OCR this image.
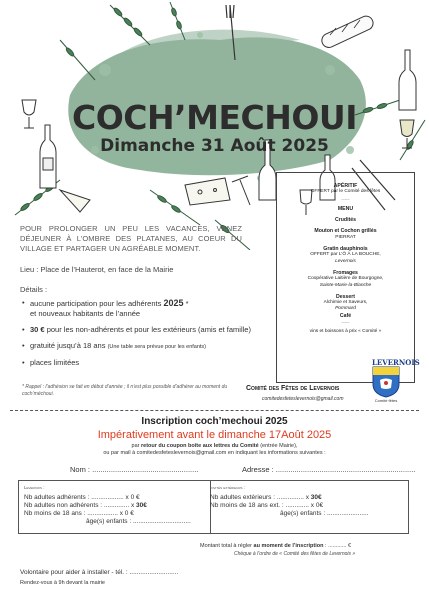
COCH’MECHOUI
Dimanche 31 Août 2025
POUR PROLONGER UN PEU LES VACANCES, VENEZ DÉJEUNER À L’OMBRE DES PLATANES, AU COEUR DU VILLAGE ET PARTAGER UN AGRÉABLE MOMENT.
Lieu : Place de l’Hauterot, en face de la Mairie
Détails :
• aucune participation pour les adhérents 2025 *
et nouveaux habitants de l’année
• 30 € pour les non-adhérents et pour les extérieurs (amis et famille)
• gratuité jusqu’à 18 ans (Une table sera prévue pour les enfants)
• places limitées
* Rappel : l’adhésion se fait en début d’année ; il n’est plus possible d’adhérer au moment du coch’méchoui.
APÉRITIF
OFFERT par le Comité des fêtes
-----
MENU
Crudités
Mouton et Cochon grillés
PIERRAT
Gratin dauphinois
OFFERT par L’Ô À LA BOUCHE,
Levernois
Fromages
Coopérative Laitière de Bourgogne,
Sainte-Marie-la-Blanche
Dessert
Alchimie et Saveurs,
Pommard
Café
-----
vins et boissons à prix « Comité »
Comité des Fêtes de Levernois
comitedesfeteslevernois@gmail.com
LEVERNOIS
Comité fêtes
Inscription coch’mechoui 2025
Impérativement avant le dimanche 17Août 2025
par retour du coupon boîte aux lettres du Comité (entrée Mairie),
ou par mail à comitedesfeteslevernois@gmail.com en indiquant les informations suivantes :
Nom : ...................................................	Adresse : ...................................................................
Levernois :
Nb adultes adhérents : .................. x 0 €
Nb adultes non adhérents : .............. x 30€
Nb moins de 18 ans : ................. x 0 €
âge(s) enfants : ................................
Invités extérieurs :
Nb adultes extérieurs : ............... x 30€
Nb moins de 18 ans ext. : ............. x 0€
âge(s) enfants : .......................
Montant total à régler au moment de l’inscription : ............ €
Chèque à l’ordre de « Comité des fêtes de Levernois »
Volontaire pour aider à installer - tél. : ...........................
Rendez-vous à 9h devant la mairie
